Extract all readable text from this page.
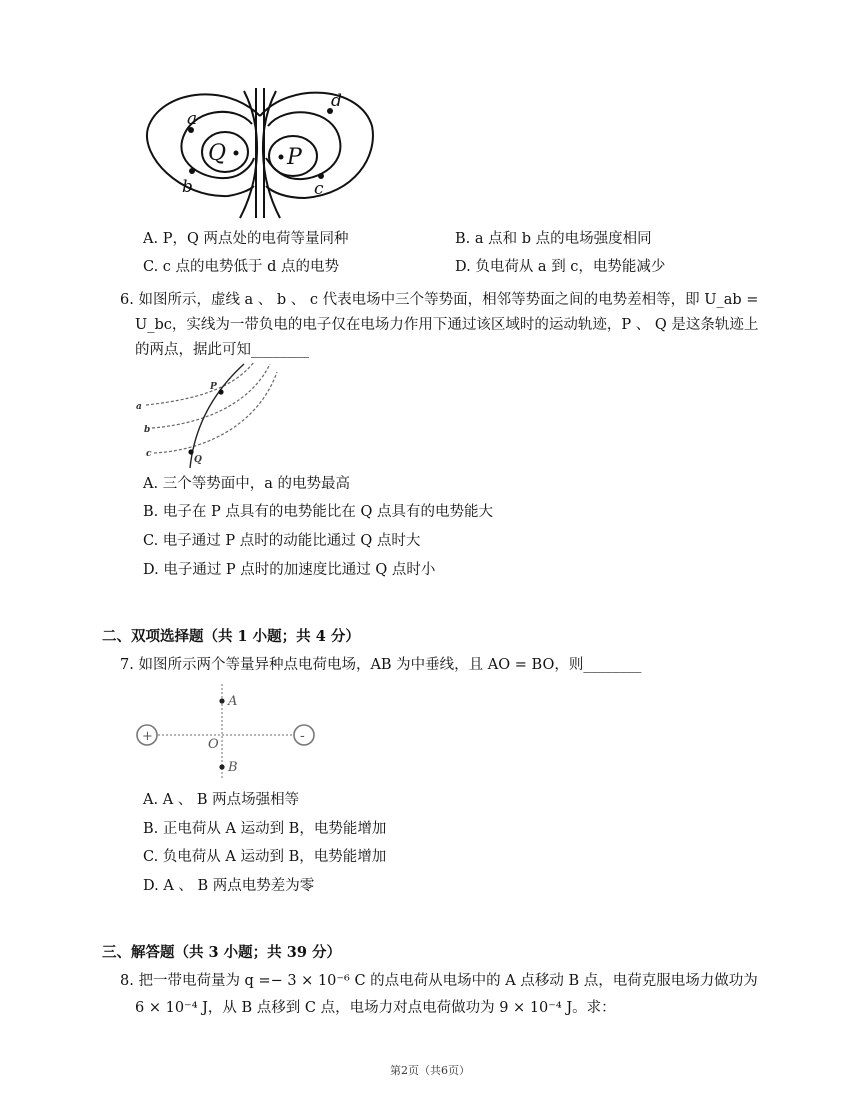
a
b	c
d
Q	P
A. P，Q 两点处的电荷等量同种	B. a 点和 b 点的电场强度相同
C. c 点的电势低于 d 点的电势	D. 负电荷从 a 到 c，电势能减少
6. 如图所示，虚线 a 、 b 、 c 代表电场中三个等势面，相邻等势面之间的电势差相等，即 U_ab =
U_bc，实线为一带负电的电子仅在电场力作用下通过该区域时的运动轨迹，P 、 Q 是这条轨迹上
的两点，据此可知________
a
b
c
P
Q
A. 三个等势面中，a 的电势最高
B. 电子在 P 点具有的电势能比在 Q 点具有的电势能大
C. 电子通过 P 点时的动能比通过 Q 点时大
D. 电子通过 P 点时的加速度比通过 Q 点时小
二、双项选择题（共 1 小题；共 4 分）
7. 如图所示两个等量异种点电荷电场，AB 为中垂线，且 AO = BO，则________
+	-
A
B
O
A. A 、 B 两点场强相等
B. 正电荷从 A 运动到 B，电势能增加
C. 负电荷从 A 运动到 B，电势能增加
D. A 、 B 两点电势差为零
三、解答题（共 3 小题；共 39 分）
8. 把一带电荷量为 q =− 3 × 10⁻⁶ C 的点电荷从电场中的 A 点移动 B 点，电荷克服电场力做功为
6 × 10⁻⁴ J，从 B 点移到 C 点，电场力对点电荷做功为 9 × 10⁻⁴ J。求：
第2页（共6页）
